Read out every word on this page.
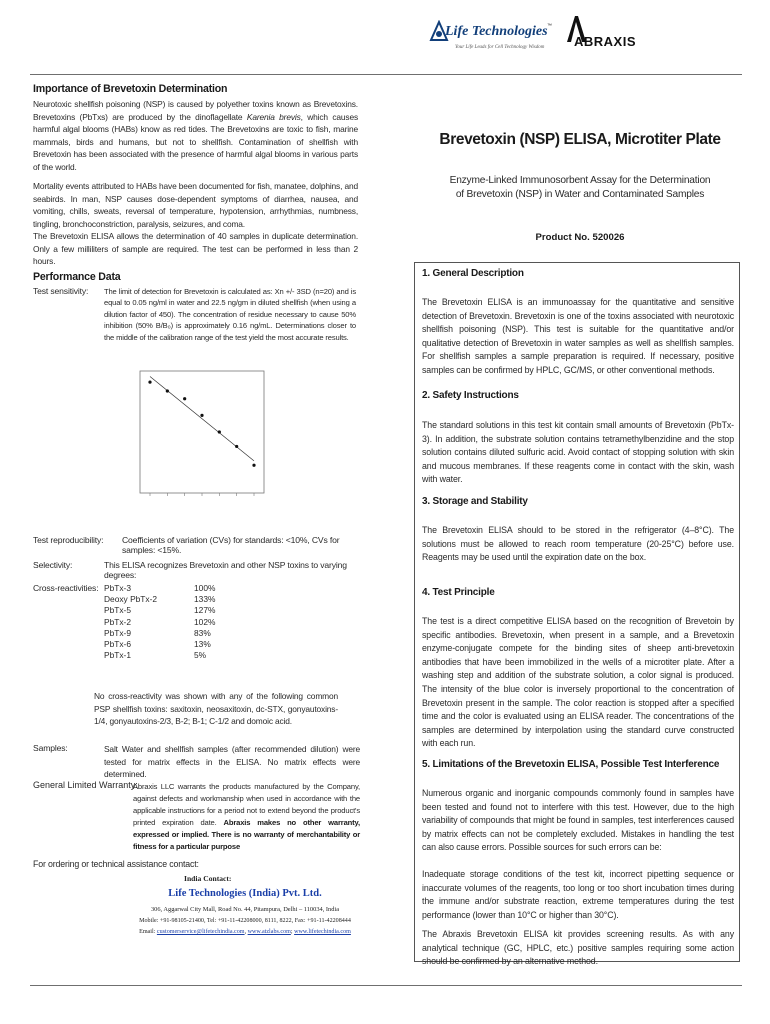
Life Technologies ™
Your Life Leads for Cell Technology Wisdom ABRAXIS
Importance of Brevetoxin Determination
Neurotoxic shellfish poisoning (NSP) is caused by polyether toxins known as Brevetoxins. Brevetoxins (PbTxs) are produced by the dinoflagellate Karenia brevis, which causes harmful algal blooms (HABs) know as red tides. The Brevetoxins are toxic to fish, marine mammals, birds and humans, but not to shellfish. Contamination of shellfish with Brevetoxin has been associated with the presence of harmful algal blooms in various parts of the world.
Mortality events attributed to HABs have been documented for fish, manatee, dolphins, and seabirds. In man, NSP causes dose-dependent symptoms of diarrhea, nausea, and vomiting, chills, sweats, reversal of temperature, hypotension, arrhythmias, numbness, tingling, bronchoconstriction, paralysis, seizures, and coma.
The Brevetoxin ELISA allows the determination of 40 samples in duplicate determination. Only a few milliliters of sample are required. The test can be performed in less than 2 hours.
Performance Data
Test sensitivity: The limit of detection for Brevetoxin is calculated as: Xn +/- 3SD (n=20) and is equal to 0.05 ng/ml in water and 22.5 ng/gm in diluted shellfish (when using a dilution factor of 450). The concentration of residue necessary to cause 50% inhibition (50% B/B₀) is approximately 0.16 ng/mL. Determinations closer to the middle of the calibration range of the test yield the most accurate results.
Test reproducibility: Coefficients of variation (CVs) for standards: <10%, CVs for samples: <15%.
Selectivity:	This ELISA recognizes Brevetoxin and other NSP toxins to varying degrees:
Cross-reactivities: PbTx-3	100%
Deoxy PbTx-2	133%
PbTx-5	127%
PbTx-2	102%
PbTx-9	83%
PbTx-6	13%
PbTx-1	5%
No cross-reactivity was shown with any of the following common PSP shellfish toxins: saxitoxin, neosaxitoxin, dc-STX, gonyautoxins-1/4, gonyautoxins-2/3, B-2; B-1; C-1/2 and domoic acid.
Samples:	Salt Water and shellfish samples (after recommended dilution) were tested for matrix effects in the ELISA. No matrix effects were determined.
General Limited Warranty:
Abraxis LLC warrants the products manufactured by the Company, against defects and workmanship when used in accordance with the applicable instructions for a period not to extend beyond the product's printed expiration date. Abraxis makes no other warranty, expressed or implied. There is no warranty of merchantability or fitness for a particular purpose
For ordering or technical assistance contact:
India Contact:
Life Technologies (India) Pvt. Ltd.
306, Aggarwal City Mall, Road No. 44, Pitampura, Delhi – 110034, India
Mobile: +91-98105-21400, Tel: +91-11-42208000, 8111, 8222, Fax: +91-11-42208444
Email: customerservice@lifetechindia.com, www.atzlabs.com; www.lifetechindia.com
Brevetoxin (NSP) ELISA, Microtiter Plate
Enzyme-Linked Immunosorbent Assay for the Determination
of Brevetoxin (NSP) in Water and Contaminated Samples
Product No. 520026
1. General Description
The Brevetoxin ELISA is an immunoassay for the quantitative and sensitive detection of Brevetoxin. Brevetoxin is one of the toxins associated with neurotoxic shellfish poisoning (NSP). This test is suitable for the quantitative and/or qualitative detection of Brevetoxin in water samples as well as shellfish samples. For shellfish samples a sample preparation is required. If necessary, positive samples can be confirmed by HPLC, GC/MS, or other conventional methods.
2. Safety Instructions
The standard solutions in this test kit contain small amounts of Brevetoxin (PbTx-3). In addition, the substrate solution contains tetramethylbenzidine and the stop solution contains diluted sulfuric acid. Avoid contact of stopping solution with skin and mucous membranes. If these reagents come in contact with the skin, wash with water.
3. Storage and Stability
The Brevetoxin ELISA should to be stored in the refrigerator (4–8°C). The solutions must be allowed to reach room temperature (20-25°C) before use. Reagents may be used until the expiration date on the box.
4. Test Principle
The test is a direct competitive ELISA based on the recognition of Brevetoin by specific antibodies. Brevetoxin, when present in a sample, and a Brevetoxin enzyme-conjugate compete for the binding sites of sheep anti-brevetoxin antibodies that have been immobilized in the wells of a microtiter plate. After a washing step and addition of the substrate solution, a color signal is produced. The intensity of the blue color is inversely proportional to the concentration of Brevetoxin present in the sample. The color reaction is stopped after a specified time and the color is evaluated using an ELISA reader. The concentrations of the samples are determined by interpolation using the standard curve constructed with each run.
5. Limitations of the Brevetoxin ELISA, Possible Test Interference
Numerous organic and inorganic compounds commonly found in samples have been tested and found not to interfere with this test. However, due to the high variability of compounds that might be found in samples, test interferences caused by matrix effects can not be completely excluded. Mistakes in handling the test can also cause errors. Possible sources for such errors can be:
Inadequate storage conditions of the test kit, incorrect pipetting sequence or inaccurate volumes of the reagents, too long or too short incubation times during the immune and/or substrate reaction, extreme temperatures during the test performance (lower than 10°C or higher than 30°C).
The Abraxis Brevetoxin ELISA kit provides screening results. As with any analytical technique (GC, HPLC, etc.) positive samples requiring some action should be confirmed by an alternative method.
